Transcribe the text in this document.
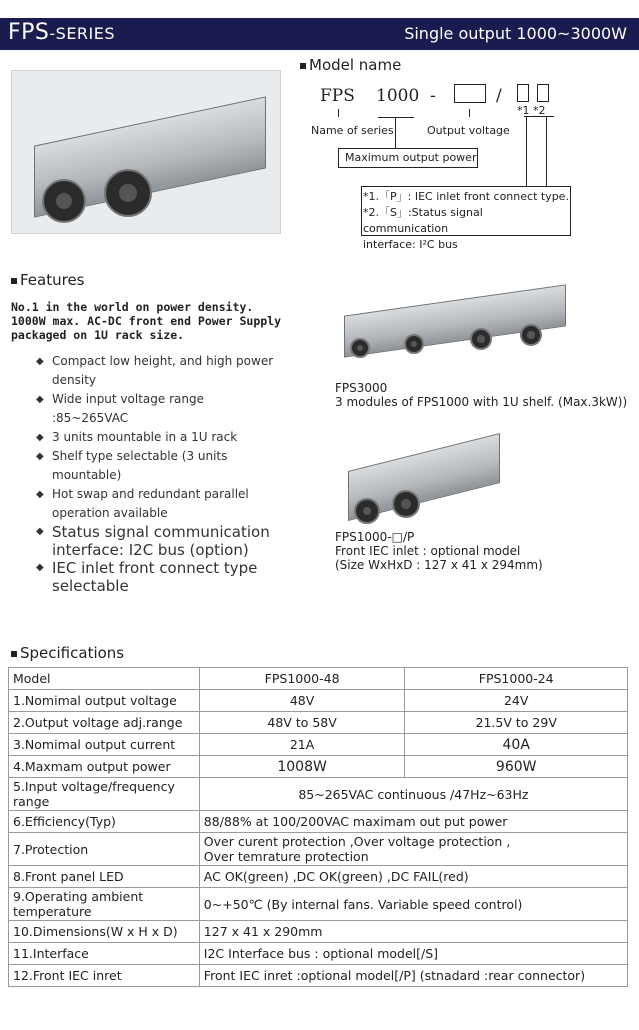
FPS-SERIES	Single output 1000~3000W
Model name
FPS 1000 -	/
*1 *2
Name of series	Output voltage
Maximum output power
*1.「P」: IEC inlet front connect type.
*2.「S」:Status signal communication
interface: I²C bus
Features
No.1 in the world on power density.
1000W max. AC-DC front end Power Supply
packaged on 1U rack size.
◆ Compact low height, and high power density
◆ Wide input voltage range :85~265VAC
◆ 3 units mountable in a 1U rack
◆ Shelf type selectable (3 units mountable)
◆ Hot swap and redundant parallel operation available
◆ Status signal communication interface: I2C bus (option)
◆ IEC inlet front connect type selectable
FPS3000
3 modules of FPS1000 with 1U shelf. (Max.3kW))
FPS1000-□/P
Front IEC inlet : optional model
(Size WxHxD : 127 x 41 x 294mm)
Specifications
Model	FPS1000-48	FPS1000-24
1.Nomimal output voltage	48V	24V
2.Output voltage adj.range	48V to 58V	21.5V to 29V
3.Nomimal output current	21A	40A
4.Maxmam output power	1008W	960W
5.Input voltage/frequency range	85~265VAC continuous /47Hz~63Hz	
6.Efficiency(Typ)	88/88% at 100/200VAC maximam out put power	
7.Protection	Over curent protection ,Over voltage protection ,
Over temrature protection	

8.Front panel LED	AC OK(green) ,DC OK(green) ,DC FAIL(red)	
9.Operating ambient temperature	0~+50℃ (By internal fans. Variable speed control)	
10.Dimensions(W x H x D)	127 x 41 x 290mm	
11.Interface	I2C Interface bus : optional model[/S]	
12.Front IEC inret	Front IEC inret :optional model[/P] (stnadard :rear connector)	
